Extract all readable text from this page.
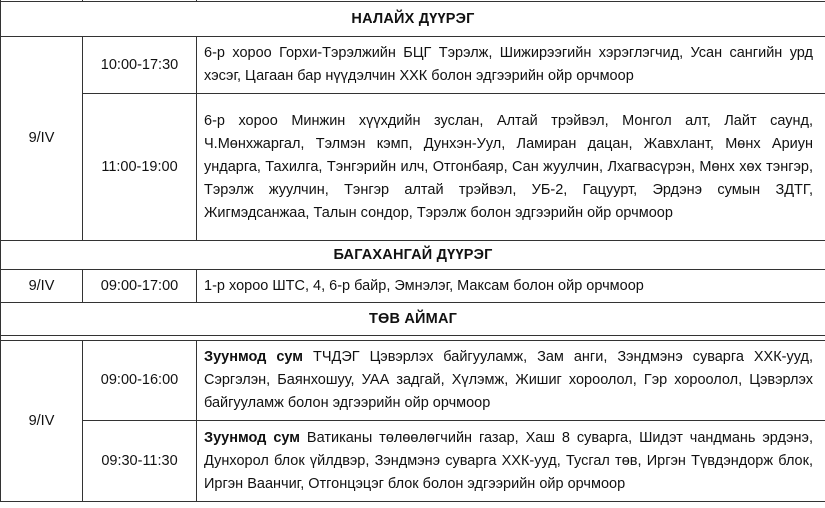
НАЛАЙХ ДҮҮРЭГ		
9/IV	10:00-17:30	6-р хороо Горхи-Тэрэлжийн БЦГ Тэрэлж, Шижирээгийн хэрэглэгчид, Усан сангийн урд хэсэг, Цагаан бар нүүдэлчин ХХК болон эдгээрийн ойр орчмоор
	11:00-19:00	6-р хороо Минжин хүүхдийн зуслан, Алтай трэйвэл, Монгол алт, Лайт саунд, Ч.Мөнхжаргал, Тэлмэн кэмп, Дунхэн-Уул, Ламиран дацан, Жавхлант, Мөнх Ариун ундарга, Тахилга, Тэнгэрийн илч, Отгонбаяр, Сан жуулчин, Лхагвасүрэн, Мөнх хөх тэнгэр, Тэрэлж жуулчин, Тэнгэр алтай трэйвэл, УБ-2, Гацуурт, Эрдэнэ сумын ЗДТГ, Жигмэдсанжаа, Талын сондор, Тэрэлж болон эдгээрийн ойр орчмоор
БАГАХАНГАЙ ДҮҮРЭГ		
9/IV	09:00-17:00	1-р хороо ШТС, 4, 6-р байр, Эмнэлэг, Максам болон ойр орчмоор
ТӨВ АЙМАГ		

9/IV	09:00-16:00	Зуунмод сум ТЧДЭГ Цэвэрлэх байгууламж, Зам анги, Зэндмэнэ суварга ХХК-ууд, Сэргэлэн, Баянхошуу, УАА задгай, Хүлэмж, Жишиг хороолол, Гэр хороолол, Цэвэрлэх байгууламж болон эдгээрийн ойр орчмоор
	09:30-11:30	Зуунмод сум Ватиканы төлөөлөгчийн газар, Хаш 8 суварга, Шидэт чандмань эрдэнэ, Дунхорол блок үйлдвэр, Зэндмэнэ суварга ХХК-ууд, Тусгал төв, Иргэн Түвдэндорж блок, Иргэн Ваанчиг, Отгонцэцэг блок болон эдгээрийн ойр орчмоор
